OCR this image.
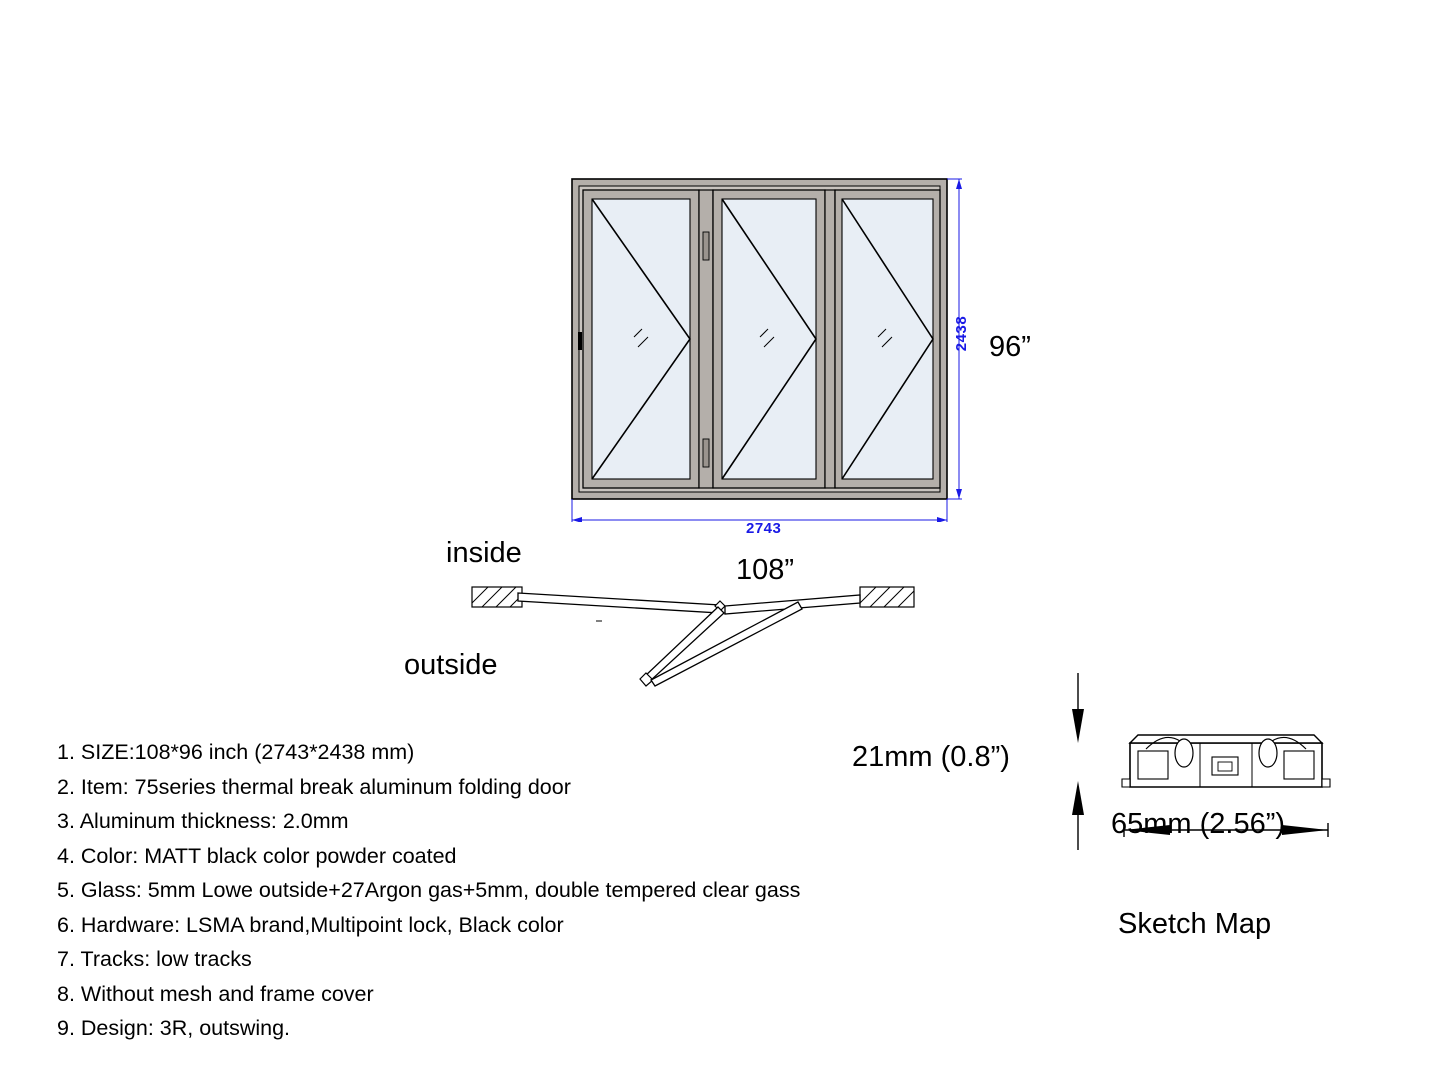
2438
2743
96”
108”
inside
outside
1. SIZE:108*96 inch (2743*2438 mm)
2. Item: 75series thermal break aluminum folding door
3. Aluminum thickness: 2.0mm
4. Color: MATT black color powder coated
5. Glass: 5mm Lowe outside+27Argon gas+5mm, double tempered clear gass
6. Hardware: LSMA brand,Multipoint lock, Black color
7. Tracks: low tracks
8. Without mesh and frame cover
9. Design: 3R, outswing.
21mm (0.8”)
65mm (2.56”)
Sketch Map
